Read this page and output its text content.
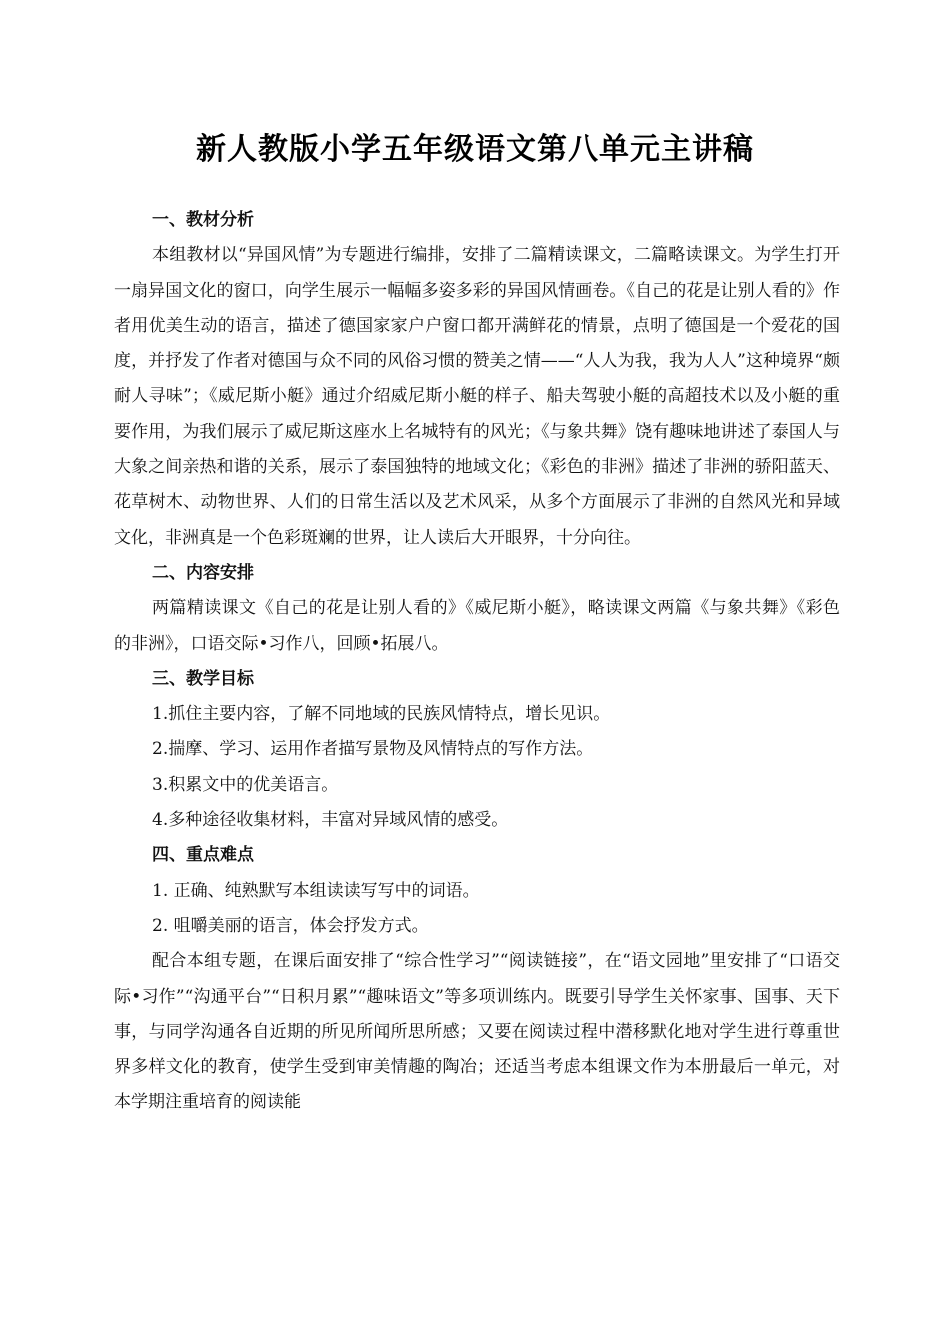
新人教版小学五年级语文第八单元主讲稿

一、教材分析

本组教材以“异国风情”为专题进行编排，安排了二篇精读课文，二篇略读课文。为学生打开一扇异国文化的窗口，向学生展示一幅幅多姿多彩的异国风情画卷。《自己的花是让别人看的》作者用优美生动的语言，描述了德国家家户户窗口都开满鲜花的情景，点明了德国是一个爱花的国度，并抒发了作者对德国与众不同的风俗习惯的赞美之情——“人人为我，我为人人”这种境界“颇耐人寻味”；《威尼斯小艇》通过介绍威尼斯小艇的样子、船夫驾驶小艇的高超技术以及小艇的重要作用，为我们展示了威尼斯这座水上名城特有的风光；《与象共舞》饶有趣味地讲述了泰国人与大象之间亲热和谐的关系，展示了泰国独特的地域文化；《彩色的非洲》描述了非洲的骄阳蓝天、花草树木、动物世界、人们的日常生活以及艺术风采，从多个方面展示了非洲的自然风光和异域文化，非洲真是一个色彩斑斓的世界，让人读后大开眼界，十分向往。

二、内容安排

两篇精读课文《自己的花是让别人看的》《威尼斯小艇》，略读课文两篇《与象共舞》《彩色的非洲》，口语交际•习作八，回顾•拓展八。

三、教学目标

1.抓住主要内容，了解不同地域的民族风情特点，增长见识。

2.揣摩、学习、运用作者描写景物及风情特点的写作方法。

3.积累文中的优美语言。

4.多种途径收集材料，丰富对异域风情的感受。

四、重点难点

1. 正确、纯熟默写本组读读写写中的词语。

2. 咀嚼美丽的语言，体会抒发方式。

配合本组专题，在课后面安排了“综合性学习”“阅读链接”，在“语文园地”里安排了“口语交际•习作”“沟通平台”“日积月累”“趣味语文”等多项训练内。既要引导学生关怀家事、国事、天下事，与同学沟通各自近期的所见所闻所思所感；又要在阅读过程中潜移默化地对学生进行尊重世界多样文化的教育，使学生受到审美情趣的陶冶；还适当考虑本组课文作为本册最后一单元，对本学期注重培育的阅读能
